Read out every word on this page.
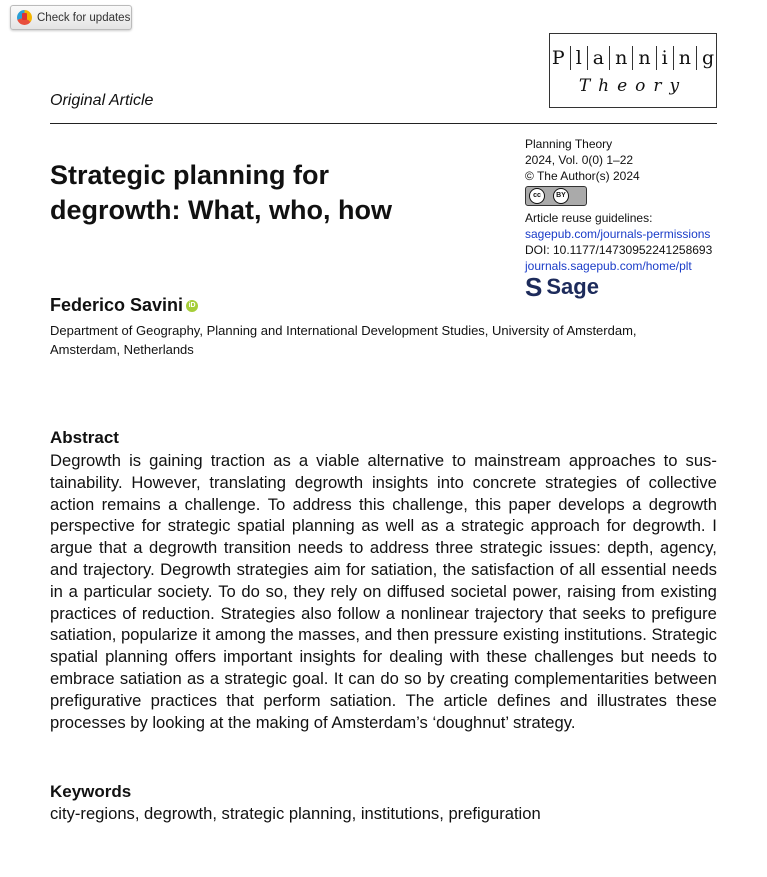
Check for updates
P l a n n i n g
Theory
Original Article
Strategic planning for
degrowth: What, who, how
Planning Theory
2024, Vol. 0(0) 1–22
© The Author(s) 2024
cc	BY
Article reuse guidelines:
sagepub.com/journals-permissions
DOI: 10.1177/14730952241258693
journals.sagepub.com/home/plt
S Sage
Federico Savini iD
Department of Geography, Planning and International Development Studies, University of Amsterdam,
Amsterdam, Netherlands
Abstract
Degrowth is gaining traction as a viable alternative to mainstream approaches to sus-
tainability. However, translating degrowth insights into concrete strategies of collective
action remains a challenge. To address this challenge, this paper develops a degrowth
perspective for strategic spatial planning as well as a strategic approach for degrowth. I
argue that a degrowth transition needs to address three strategic issues: depth, agency,
and trajectory. Degrowth strategies aim for satiation, the satisfaction of all essential needs
in a particular society. To do so, they rely on diffused societal power, raising from existing
practices of reduction. Strategies also follow a nonlinear trajectory that seeks to prefigure
satiation, popularize it among the masses, and then pressure existing institutions. Strategic
spatial planning offers important insights for dealing with these challenges but needs to
embrace satiation as a strategic goal. It can do so by creating complementarities between
prefigurative practices that perform satiation. The article defines and illustrates these
processes by looking at the making of Amsterdam’s ‘doughnut’ strategy.
Keywords
city-regions, degrowth, strategic planning, institutions, prefiguration
